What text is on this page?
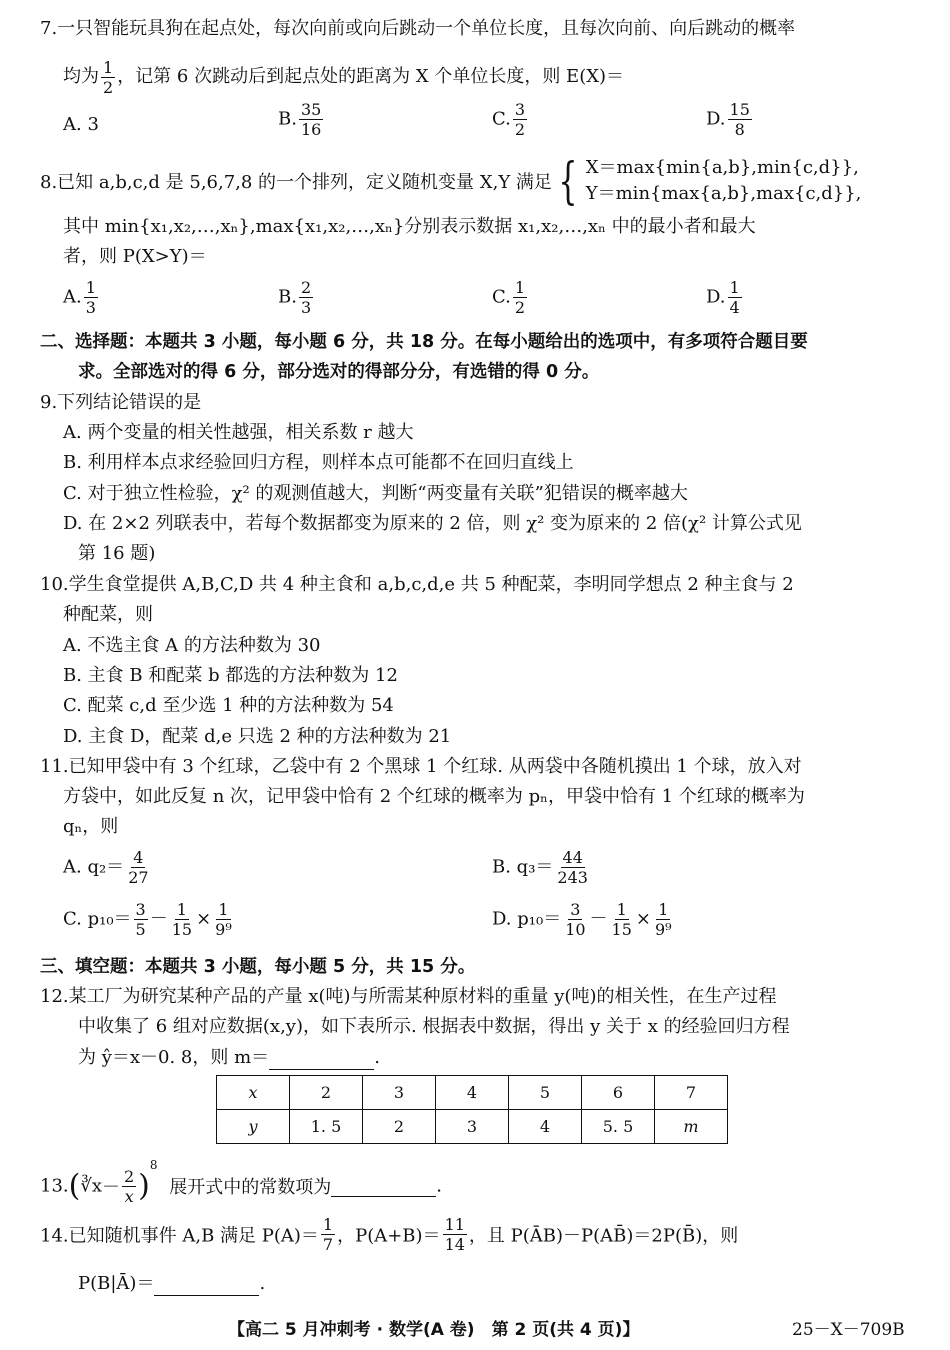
7.一只智能玩具狗在起点处，每次向前或向后跳动一个单位长度，且每次向前、向后跳动的概率
均为 $\frac{1}{2}$ ，记第 6 次跳动后到起点处的距离为 X 个单位长度，则 E(X)＝
A. 3	B. $\frac{35}{16}$	C. $\frac{3}{2}$	D. $\frac{15}{8}$
8.已知 a,b,c,d 是 5,6,7,8 的一个排列，定义随机变量 X,Y 满足 { X＝max{min{a,b},min{c,d}},
Y＝min{max{a,b},max{c,d}},
其中 min{x₁,x₂,…,xₙ},max{x₁,x₂,…,xₙ}分别表示数据 x₁,x₂,…,xₙ 中的最小者和最大
者，则 P(X>Y)＝
A. $\frac{1}{3}$	B. $\frac{2}{3}$	C. $\frac{1}{2}$	D. $\frac{1}{4}$
二、选择题：本题共 3 小题，每小题 6 分，共 18 分。在每小题给出的选项中，有多项符合题目要
求。全部选对的得 6 分，部分选对的得部分分，有选错的得 0 分。
9.下列结论错误的是
A. 两个变量的相关性越强，相关系数 r 越大
B. 利用样本点求经验回归方程，则样本点可能都不在回归直线上
C. 对于独立性检验，χ² 的观测值越大，判断“两变量有关联”犯错误的概率越大
D. 在 2×2 列联表中，若每个数据都变为原来的 2 倍，则 χ² 变为原来的 2 倍(χ² 计算公式见
第 16 题)
10.学生食堂提供 A,B,C,D 共 4 种主食和 a,b,c,d,e 共 5 种配菜，李明同学想点 2 种主食与 2
种配菜，则
A. 不选主食 A 的方法种数为 30
B. 主食 B 和配菜 b 都选的方法种数为 12
C. 配菜 c,d 至少选 1 种的方法种数为 54
D. 主食 D，配菜 d,e 只选 2 种的方法种数为 21
11.已知甲袋中有 3 个红球，乙袋中有 2 个黑球 1 个红球. 从两袋中各随机摸出 1 个球，放入对
方袋中，如此反复 n 次，记甲袋中恰有 2 个红球的概率为 pₙ，甲袋中恰有 1 个红球的概率为
qₙ，则
A. $q_2= \frac{4}{27}$	B. $q_3= \frac{44}{243}$
C. $p_{10}= \frac{3}{5} - \frac{1}{15} \times \frac{1}{\text{9⁹}}$	D. $p_{10}= \frac{3}{10} - \frac{1}{15} \times \frac{1}{\text{9⁹}}$
三、填空题：本题共 3 小题，每小题 5 分，共 15 分。
12.某工厂为研究某种产品的产量 x(吨)与所需某种原材料的重量 y(吨)的相关性，在生产过程
中收集了 6 组对应数据(x,y)，如下表所示. 根据表中数据，得出 y 关于 x 的经验回归方程
为 ŷ＝x－0. 8，则 m＝	.
x	2	3	4	5	6	7
y	1. 5	2	3	4	5. 5	m
13.(∛x－ $\frac{2}{x} )^8$ 展开式中的常数项为	.
14.已知随机事件 A,B 满足 $P(A)= \frac{1}{7}$ ，$P(A+B)= \frac{11}{14}$ ，且 P(ĀB)－P(AB̄)＝2P(B̄)，则
P(B|Ā)＝	.
【高二 5 月冲刺考 · 数学(A 卷)　第 2 页(共 4 页)】	25－X－709B
